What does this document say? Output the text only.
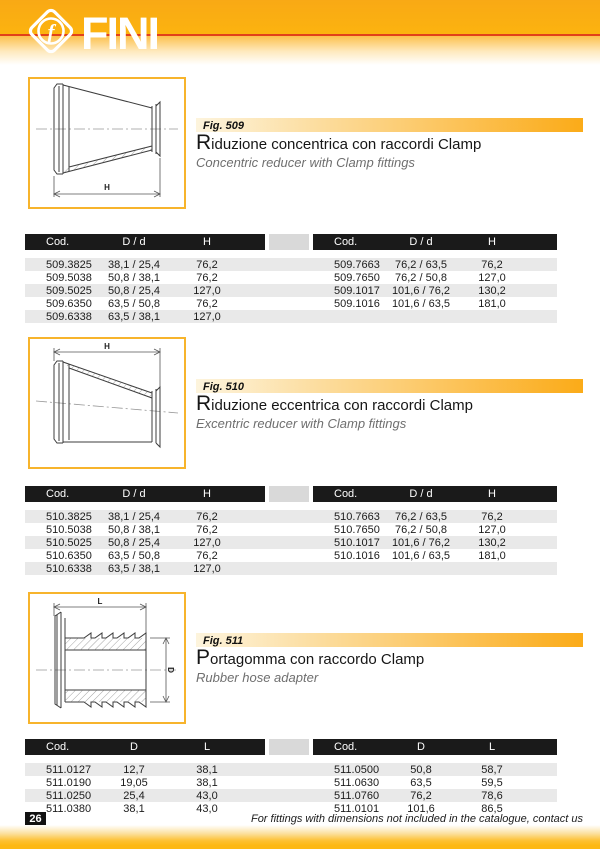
f FINI
H
Fig. 509
Riduzione concentrica con raccordi Clamp
Concentric reducer with Clamp fittings
Cod.	D / d	H	Cod.	D / d	H
509.3825	38,1 / 25,4	76,2	509.7663	76,2 / 63,5	76,2
509.5038	50,8 / 38,1	76,2	509.7650	76,2 / 50,8	127,0
509.5025	50,8 / 25,4	127,0	509.1017	101,6 / 76,2	130,2
509.6350	63,5 / 50,8	76,2	509.1016	101,6 / 63,5	181,0
509.6338	63,5 / 38,1	127,0
H
Fig. 510
Riduzione eccentrica con raccordi Clamp
Excentric reducer with Clamp fittings
Cod.	D / d	H	Cod.	D / d	H
510.3825	38,1 / 25,4	76,2	510.7663	76,2 / 63,5	76,2
510.5038	50,8 / 38,1	76,2	510.7650	76,2 / 50,8	127,0
510.5025	50,8 / 25,4	127,0	510.1017	101,6 / 76,2	130,2
510.6350	63,5 / 50,8	76,2	510.1016	101,6 / 63,5	181,0
510.6338	63,5 / 38,1	127,0
L
D
Fig. 511
Portagomma con raccordo Clamp
Rubber hose adapter
Cod.	D	L	Cod.	D	L
511.0127	12,7	38,1	511.0500	50,8	58,7
511.0190	19,05	38,1	511.0630	63,5	59,5
511.0250	25,4	43,0	511.0760	76,2	78,6
511.0380	38,1	43,0	511.0101	101,6	86,5
26	For fittings with dimensions not included in the catalogue, contact us
